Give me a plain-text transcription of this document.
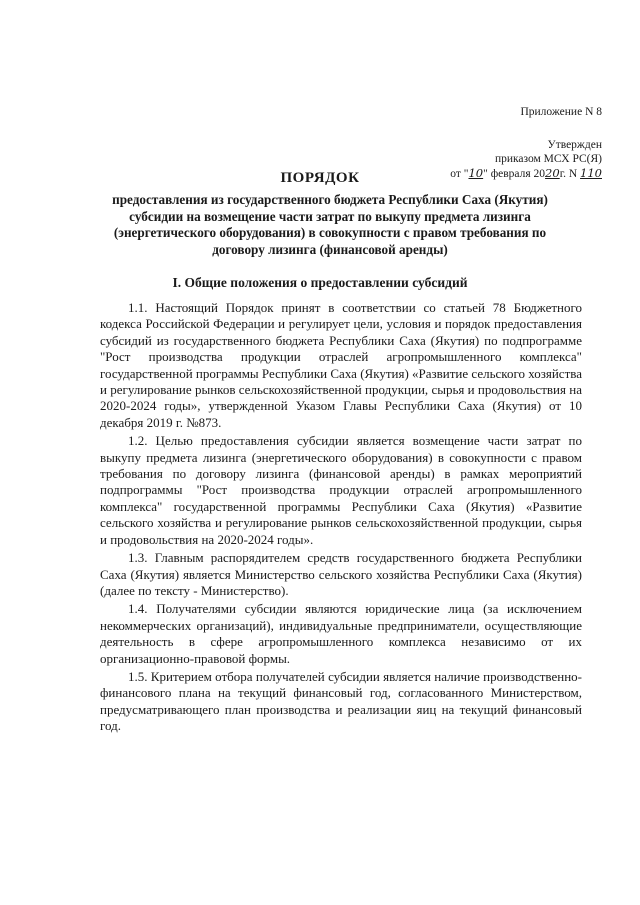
Приложение N 8
Утвержден
приказом МСХ РС(Я)
от "10" февраля 2020г. N 110
ПОРЯДОК
предоставления из государственного бюджета Республики Саха (Якутия) субсидии на возмещение части затрат по выкупу предмета лизинга (энергетического оборудования) в совокупности с правом требования по договору лизинга (финансовой аренды)
I. Общие положения о предоставлении субсидий

1.1. Настоящий Порядок принят в соответствии со статьей 78 Бюджетного кодекса Российской Федерации и регулирует цели, условия и порядок предоставления субсидий из государственного бюджета Республики Саха (Якутия) по подпрограмме "Рост производства продукции отраслей агропромышленного комплекса" государственной программы Республики Саха (Якутия) «Развитие сельского хозяйства и регулирование рынков сельскохозяйственной продукции, сырья и продовольствия на 2020-2024 годы», утвержденной Указом Главы Республики Саха (Якутия) от 10 декабря 2019 г. №873.

1.2. Целью предоставления субсидии является возмещение части затрат по выкупу предмета лизинга (энергетического оборудования) в совокупности с правом требования по договору лизинга (финансовой аренды) в рамках мероприятий подпрограммы "Рост производства продукции отраслей агропромышленного комплекса" государственной программы Республики Саха (Якутия) «Развитие сельского хозяйства и регулирование рынков сельскохозяйственной продукции, сырья и продовольствия на 2020-2024 годы».

1.3. Главным распорядителем средств государственного бюджета Республики Саха (Якутия) является Министерство сельского хозяйства Республики Саха (Якутия) (далее по тексту - Министерство).

1.4. Получателями субсидии являются юридические лица (за исключением некоммерческих организаций), индивидуальные предприниматели, осуществляющие деятельность в сфере агропромышленного комплекса независимо от их организационно-правовой формы.

1.5. Критерием отбора получателей субсидии является наличие производственно-финансового плана на текущий финансовый год, согласованного Министерством, предусматривающего план производства и реализации яиц на текущий финансовый год.
